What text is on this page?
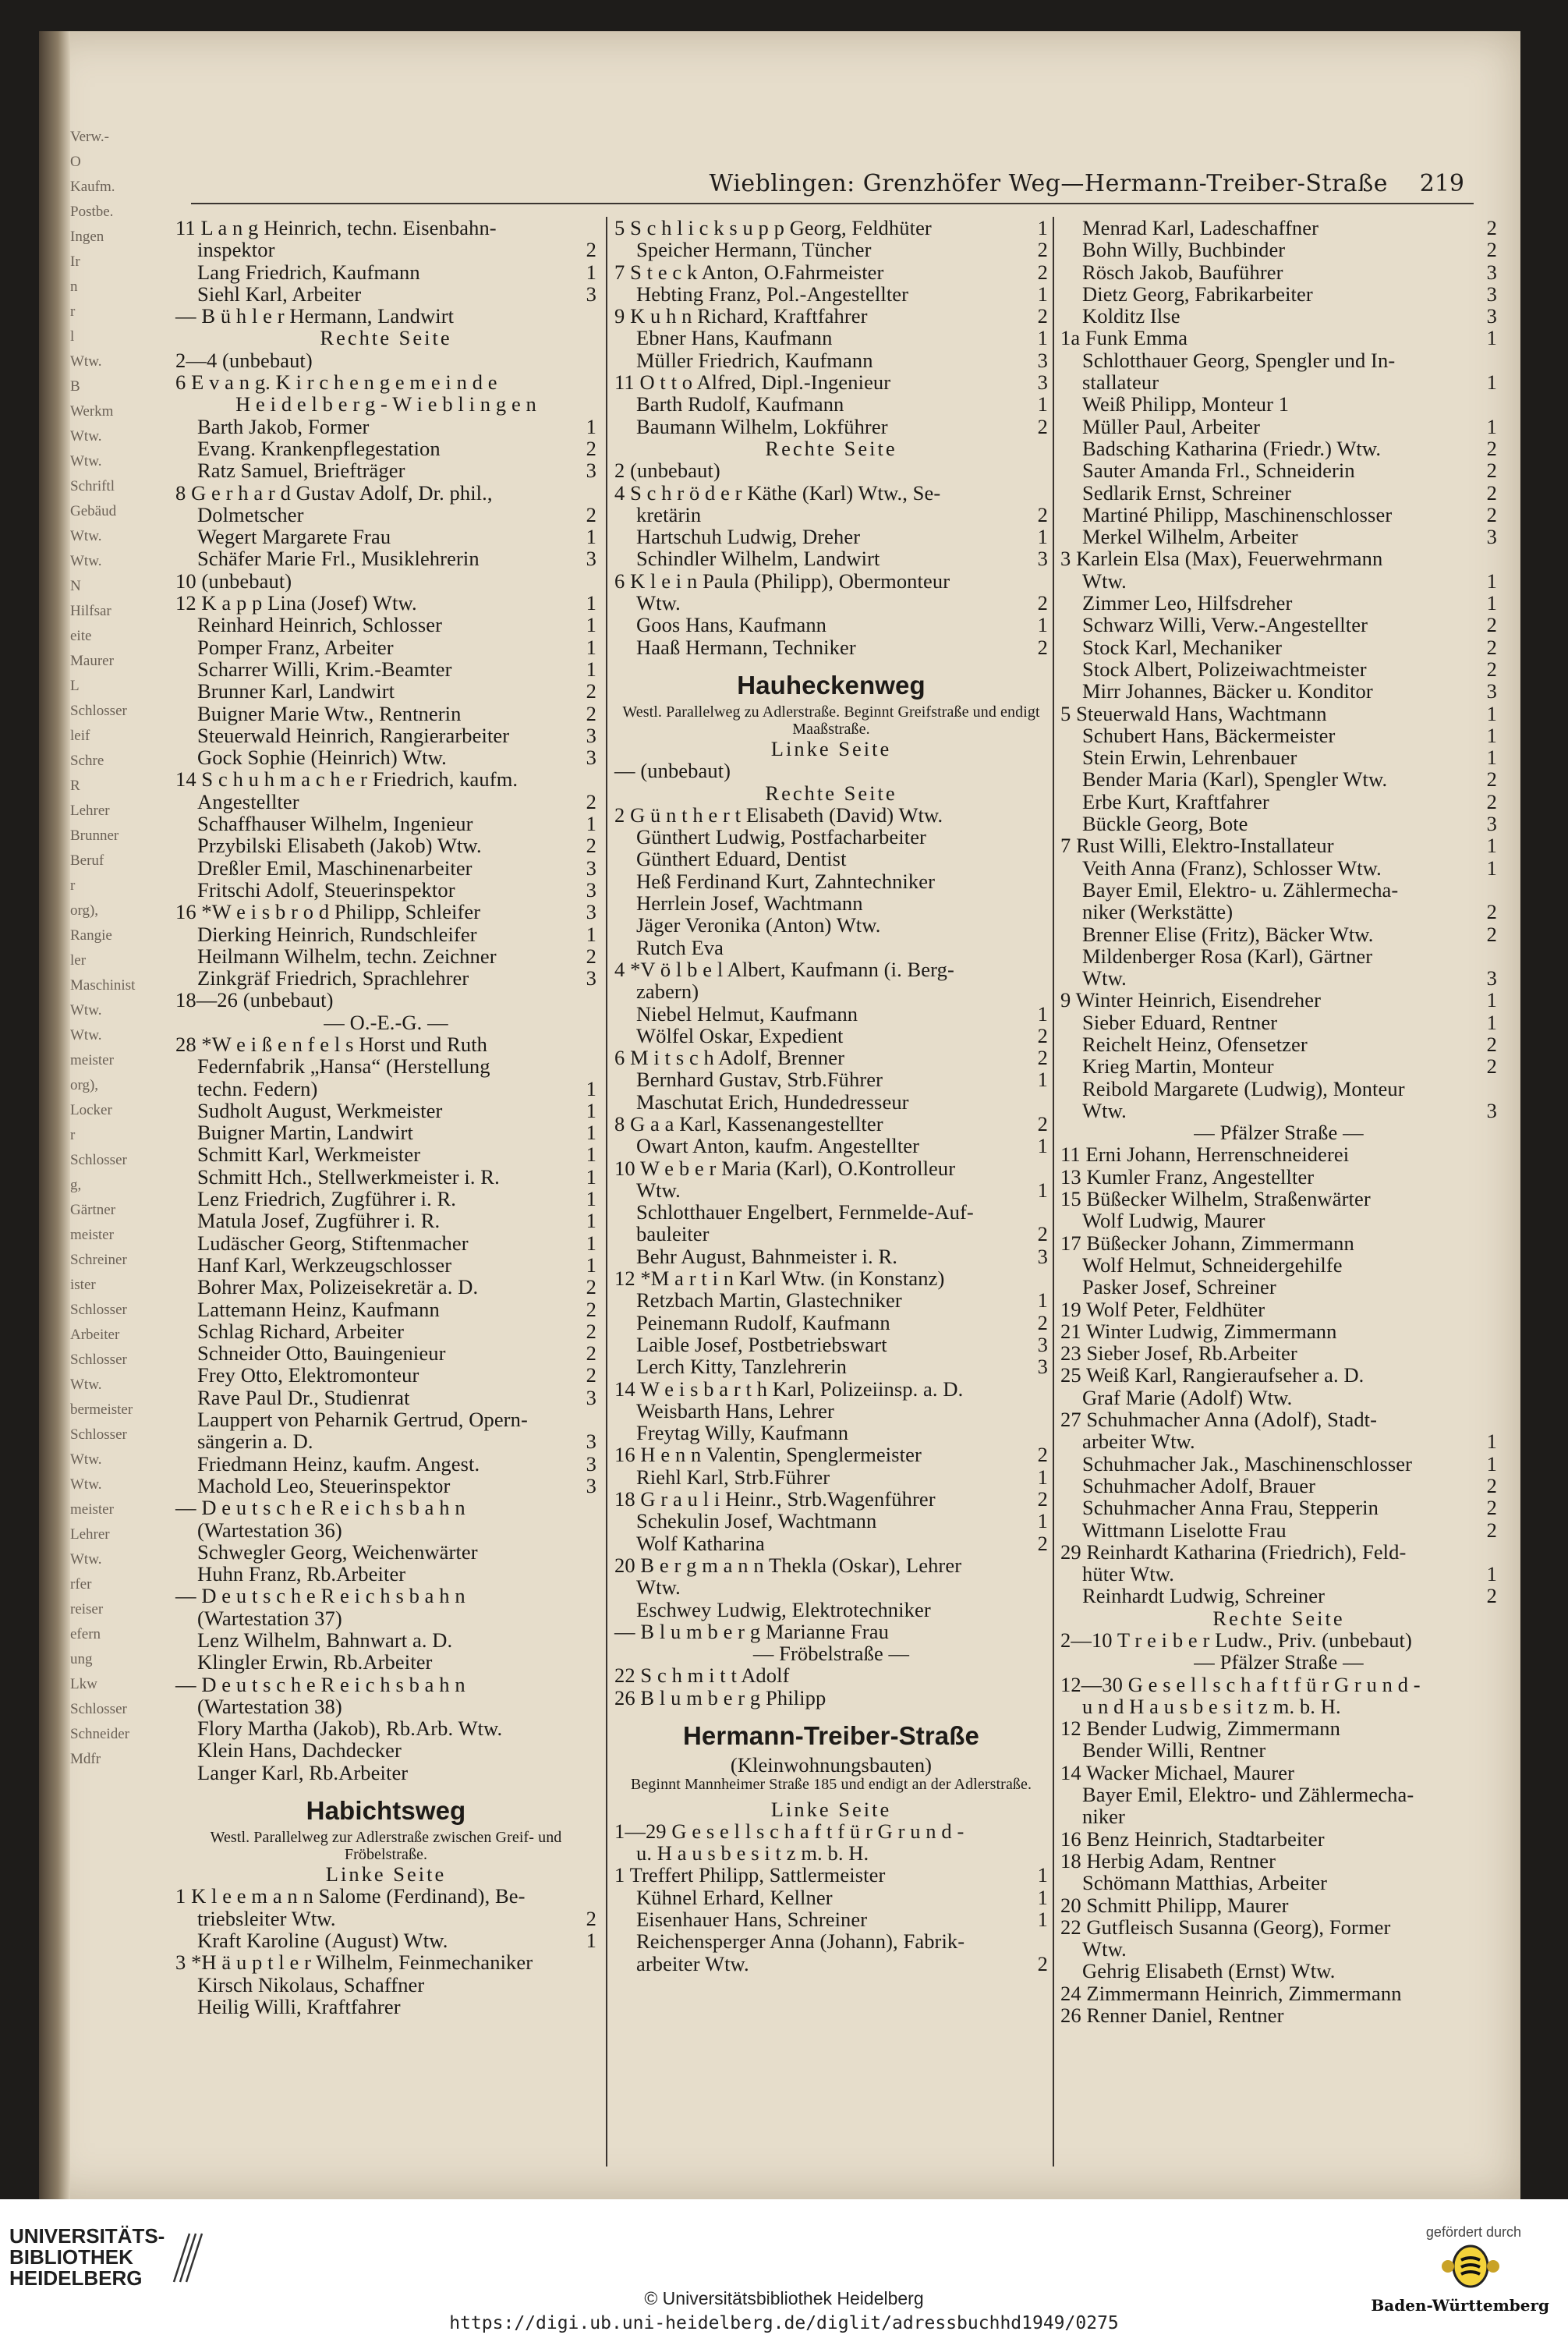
Verw.-O
Kaufm.
Postbe.
Ingen
Ir
n
r
l
Wtw.
B
Werkm
Wtw.
Wtw.
Schriftl
Gebäud
Wtw.
Wtw.
N
Hilfsar
eite
Maurer
L
Schlosser
leif
Schre
R
Lehrer
Brunner
Beruf
r
org), Rangie
ler
Maschinist
Wtw.
Wtw.
meister
org), Locker
r
Schlosser
g, Gärtner
meister
Schreiner
ister
Schlosser
Arbeiter
Schlosser
Wtw.
bermeister
Schlosser
Wtw.
Wtw.
meister
Lehrer
Wtw.
rfer
reiser
efern
ung
Lkw
Schlosser
Schneider
Mdfr
Wieblingen: Grenzhöfer Weg—Hermann-Treiber-Straße 219
11 L a n g Heinrich, techn. Eisenbahn-
inspektor	2
Lang Friedrich, Kaufmann	1
Siehl Karl, Arbeiter	3
— B ü h l e r Hermann, Landwirt
Rechte Seite
2—4 (unbebaut)
6 E v a n g. K i r c h e n g e m e i n d e
H e i d e l b e r g - W i e b l i n g e n
Barth Jakob, Former	1
Evang. Krankenpflegestation	2
Ratz Samuel, Briefträger	3
8 G e r h a r d Gustav Adolf, Dr. phil.,
Dolmetscher	2
Wegert Margarete Frau	1
Schäfer Marie Frl., Musiklehrerin	3
10 (unbebaut)
12 K a p p Lina (Josef) Wtw.	1
Reinhard Heinrich, Schlosser	1
Pomper Franz, Arbeiter	1
Scharrer Willi, Krim.-Beamter	1
Brunner Karl, Landwirt	2
Buigner Marie Wtw., Rentnerin	2
Steuerwald Heinrich, Rangierarbeiter	3
Gock Sophie (Heinrich) Wtw.	3
14 S c h u h m a c h e r Friedrich, kaufm.
Angestellter	2
Schaffhauser Wilhelm, Ingenieur	1
Przybilski Elisabeth (Jakob) Wtw.	2
Dreßler Emil, Maschinenarbeiter	3
Fritschi Adolf, Steuerinspektor	3
16 *W e i s b r o d Philipp, Schleifer	3
Dierking Heinrich, Rundschleifer	1
Heilmann Wilhelm, techn. Zeichner	2
Zinkgräf Friedrich, Sprachlehrer	3
18—26 (unbebaut)
— O.-E.-G. —
28 *W e i ß e n f e l s Horst und Ruth
Federnfabrik „Hansa“ (Herstellung
techn. Federn)	1
Sudholt August, Werkmeister	1
Buigner Martin, Landwirt	1
Schmitt Karl, Werkmeister	1
Schmitt Hch., Stellwerkmeister i. R.	1
Lenz Friedrich, Zugführer i. R.	1
Matula Josef, Zugführer i. R.	1
Ludäscher Georg, Stiftenmacher	1
Hanf Karl, Werkzeugschlosser	1
Bohrer Max, Polizeisekretär a. D.	2
Lattemann Heinz, Kaufmann	2
Schlag Richard, Arbeiter	2
Schneider Otto, Bauingenieur	2
Frey Otto, Elektromonteur	2
Rave Paul Dr., Studienrat	3
Lauppert von Peharnik Gertrud, Opern-
sängerin a. D.	3
Friedmann Heinz, kaufm. Angest.	3
Machold Leo, Steuerinspektor	3
— D e u t s c h e R e i c h s b a h n
(Wartestation 36)
Schwegler Georg, Weichenwärter
Huhn Franz, Rb.Arbeiter
— D e u t s c h e R e i c h s b a h n
(Wartestation 37)
Lenz Wilhelm, Bahnwart a. D.
Klingler Erwin, Rb.Arbeiter
— D e u t s c h e R e i c h s b a h n
(Wartestation 38)
Flory Martha (Jakob), Rb.Arb. Wtw.
Klein Hans, Dachdecker
Langer Karl, Rb.Arbeiter
Habichtsweg
Westl. Parallelweg zur Adlerstraße zwischen Greif- und Fröbelstraße.
Linke Seite
1 K l e e m a n n Salome (Ferdinand), Be-
triebsleiter Wtw.	2
Kraft Karoline (August) Wtw.	1
3 *H ä u p t l e r Wilhelm, Feinmechaniker
Kirsch Nikolaus, Schaffner
Heilig Willi, Kraftfahrer
5 S c h l i c k s u p p Georg, Feldhüter	1
Speicher Hermann, Tüncher	2
7 S t e c k Anton, O.Fahrmeister	2
Hebting Franz, Pol.-Angestellter	1
9 K u h n Richard, Kraftfahrer	2
Ebner Hans, Kaufmann	1
Müller Friedrich, Kaufmann	3
11 O t t o Alfred, Dipl.-Ingenieur	3
Barth Rudolf, Kaufmann	1
Baumann Wilhelm, Lokführer	2
Rechte Seite
2 (unbebaut)
4 S c h r ö d e r Käthe (Karl) Wtw., Se-
kretärin	2
Hartschuh Ludwig, Dreher	1
Schindler Wilhelm, Landwirt	3
6 K l e i n Paula (Philipp), Obermonteur
Wtw.	2
Goos Hans, Kaufmann	1
Haaß Hermann, Techniker	2
Hauheckenweg
Westl. Parallelweg zu Adlerstraße. Beginnt Greifstraße und endigt Maaßstraße.
Linke Seite
— (unbebaut)
Rechte Seite
2 G ü n t h e r t Elisabeth (David) Wtw.
Günthert Ludwig, Postfacharbeiter
Günthert Eduard, Dentist
Heß Ferdinand Kurt, Zahntechniker
Herrlein Josef, Wachtmann
Jäger Veronika (Anton) Wtw.
Rutch Eva
4 *V ö l b e l Albert, Kaufmann (i. Berg-
zabern)
Niebel Helmut, Kaufmann	1
Wölfel Oskar, Expedient	2
6 M i t s c h Adolf, Brenner	2
Bernhard Gustav, Strb.Führer	1
Maschutat Erich, Hundedresseur
8 G a a Karl, Kassenangestellter	2
Owart Anton, kaufm. Angestellter	1
10 W e b e r Maria (Karl), O.Kontrolleur
Wtw.	1
Schlotthauer Engelbert, Fernmelde-Auf-
bauleiter	2
Behr August, Bahnmeister i. R.	3
12 *M a r t i n Karl Wtw. (in Konstanz)
Retzbach Martin, Glastechniker	1
Peinemann Rudolf, Kaufmann	2
Laible Josef, Postbetriebswart	3
Lerch Kitty, Tanzlehrerin	3
14 W e i s b a r t h Karl, Polizeiinsp. a. D.
Weisbarth Hans, Lehrer
Freytag Willy, Kaufmann
16 H e n n Valentin, Spenglermeister	2
Riehl Karl, Strb.Führer	1
18 G r a u l i Heinr., Strb.Wagenführer	2
Schekulin Josef, Wachtmann	1
Wolf Katharina	2
20 B e r g m a n n Thekla (Oskar), Lehrer
Wtw.
Eschwey Ludwig, Elektrotechniker
— B l u m b e r g Marianne Frau
— Fröbelstraße —
22 S c h m i t t Adolf
26 B l u m b e r g Philipp
Hermann-Treiber-Straße
(Kleinwohnungsbauten)
Beginnt Mannheimer Straße 185 und endigt an der Adlerstraße.
Linke Seite
1—29 G e s e l l s c h a f t f ü r G r u n d -
u. H a u s b e s i t z m. b. H.
1 Treffert Philipp, Sattlermeister	1
Kühnel Erhard, Kellner	1
Eisenhauer Hans, Schreiner	1
Reichensperger Anna (Johann), Fabrik-
arbeiter Wtw.	2
Menrad Karl, Ladeschaffner	2
Bohn Willy, Buchbinder	2
Rösch Jakob, Bauführer	3
Dietz Georg, Fabrikarbeiter	3
Kolditz Ilse	3
1a Funk Emma	1
Schlotthauer Georg, Spengler und In-
stallateur	1
Weiß Philipp, Monteur 1
Müller Paul, Arbeiter	1
Badsching Katharina (Friedr.) Wtw.	2
Sauter Amanda Frl., Schneiderin	2
Sedlarik Ernst, Schreiner	2
Martiné Philipp, Maschinenschlosser	2
Merkel Wilhelm, Arbeiter	3
3 Karlein Elsa (Max), Feuerwehrmann
Wtw.	1
Zimmer Leo, Hilfsdreher	1
Schwarz Willi, Verw.-Angestellter	2
Stock Karl, Mechaniker	2
Stock Albert, Polizeiwachtmeister	2
Mirr Johannes, Bäcker u. Konditor	3
5 Steuerwald Hans, Wachtmann	1
Schubert Hans, Bäckermeister	1
Stein Erwin, Lehrenbauer	1
Bender Maria (Karl), Spengler Wtw.	2
Erbe Kurt, Kraftfahrer	2
Bückle Georg, Bote	3
7 Rust Willi, Elektro-Installateur	1
Veith Anna (Franz), Schlosser Wtw.	1
Bayer Emil, Elektro- u. Zählermecha-
niker (Werkstätte)	2
Brenner Elise (Fritz), Bäcker Wtw.	2
Mildenberger Rosa (Karl), Gärtner
Wtw.	3
9 Winter Heinrich, Eisendreher	1
Sieber Eduard, Rentner	1
Reichelt Heinz, Ofensetzer	2
Krieg Martin, Monteur	2
Reibold Margarete (Ludwig), Monteur
Wtw.	3
— Pfälzer Straße —
11 Erni Johann, Herrenschneiderei
13 Kumler Franz, Angestellter
15 Büßecker Wilhelm, Straßenwärter
Wolf Ludwig, Maurer
17 Büßecker Johann, Zimmermann
Wolf Helmut, Schneidergehilfe
Pasker Josef, Schreiner
19 Wolf Peter, Feldhüter
21 Winter Ludwig, Zimmermann
23 Sieber Josef, Rb.Arbeiter
25 Weiß Karl, Rangieraufseher a. D.
Graf Marie (Adolf) Wtw.
27 Schuhmacher Anna (Adolf), Stadt-
arbeiter Wtw.	1
Schuhmacher Jak., Maschinenschlosser	1
Schuhmacher Adolf, Brauer	2
Schuhmacher Anna Frau, Stepperin	2
Wittmann Liselotte Frau	2
29 Reinhardt Katharina (Friedrich), Feld-
hüter Wtw.	1
Reinhardt Ludwig, Schreiner	2
Rechte Seite
2—10 T r e i b e r Ludw., Priv. (unbebaut)
— Pfälzer Straße —
12—30 G e s e l l s c h a f t f ü r G r u n d -
u n d H a u s b e s i t z m. b. H.
12 Bender Ludwig, Zimmermann
Bender Willi, Rentner
14 Wacker Michael, Maurer
Bayer Emil, Elektro- und Zählermecha-
niker
16 Benz Heinrich, Stadtarbeiter
18 Herbig Adam, Rentner
Schömann Matthias, Arbeiter
20 Schmitt Philipp, Maurer
22 Gutfleisch Susanna (Georg), Former
Wtw.
Gehrig Elisabeth (Ernst) Wtw.
24 Zimmermann Heinrich, Zimmermann
26 Renner Daniel, Rentner
UNIVERSITÄTS-
BIBLIOTHEK
HEIDELBERG
© Universitätsbibliothek Heidelberg
https://digi.ub.uni-heidelberg.de/diglit/adressbuchhd1949/0275
gefördert durch
Baden-Württemberg
